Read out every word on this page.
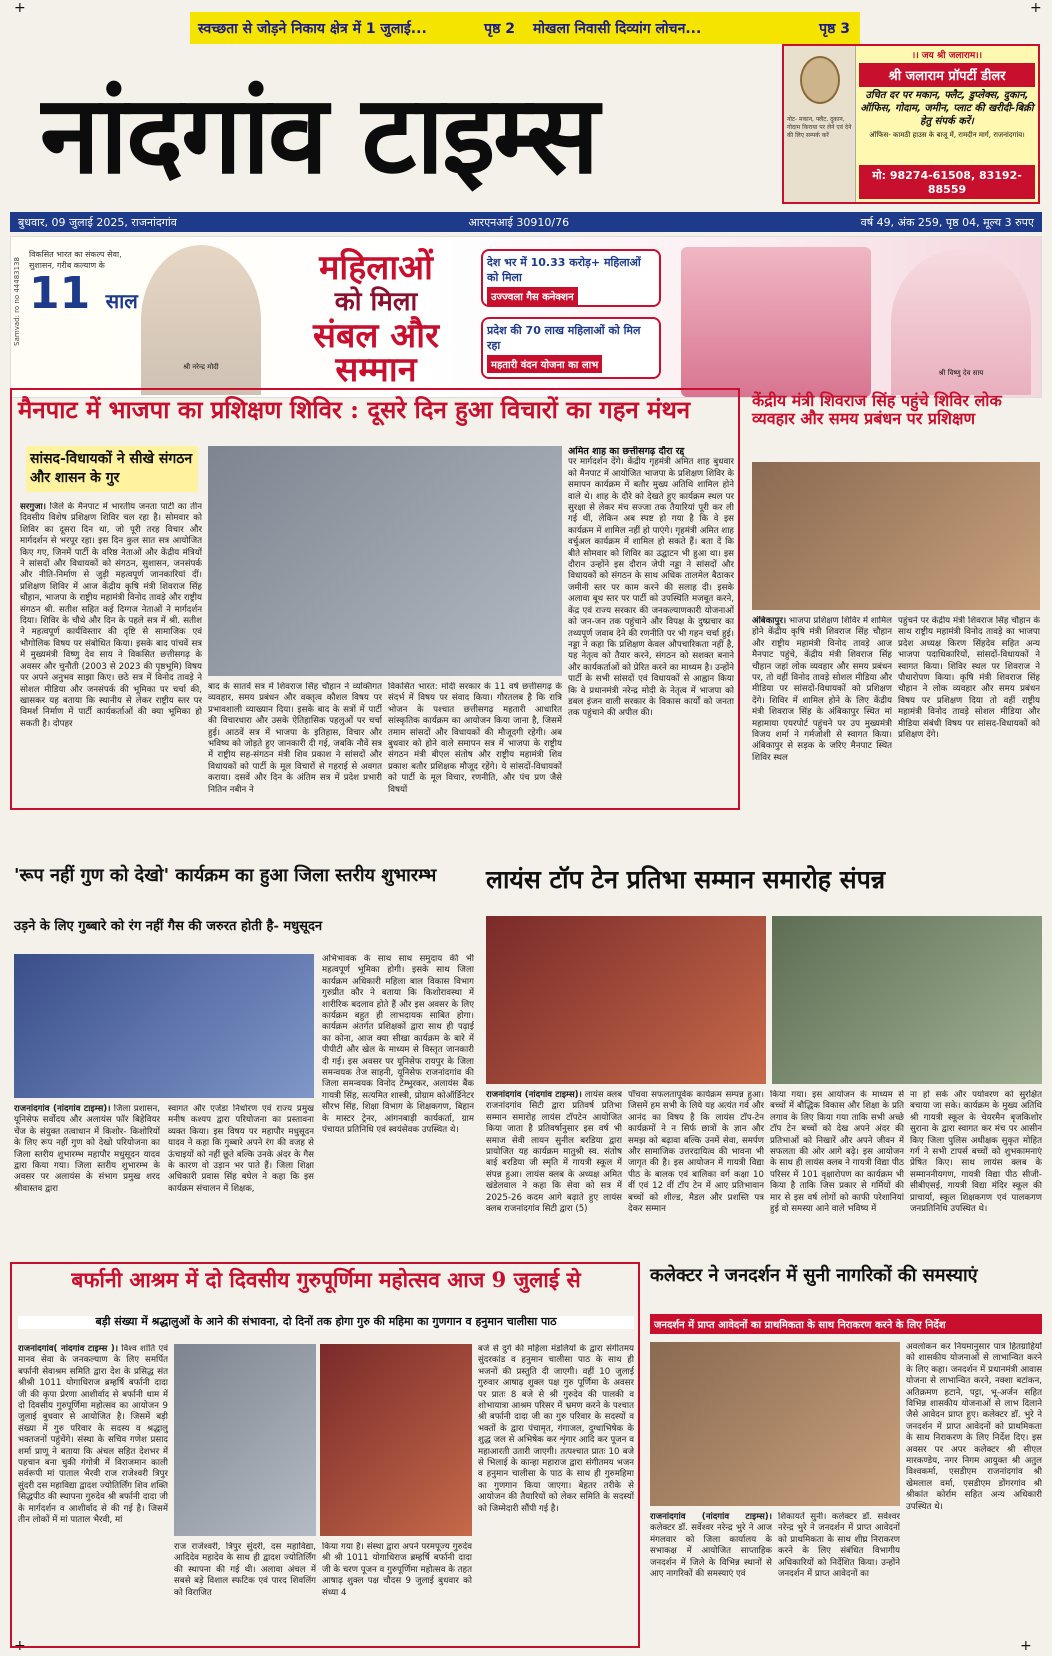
+	+
+	+
स्वच्छता से जोड़ने निकाय क्षेत्र में 1 जुलाई...	पृष्ठ 2 मोखला निवासी दिव्यांग लोचन...	पृष्ठ 3
नांदगांव टाइम्स	नोट- मकान, फ्लैट, दुकान, गोदाम किराया पर लेने एवं देने की लिए सम्पर्क करें
।। जय श्री जलाराम।।
श्री जलाराम प्रॉपर्टी डीलर
उचित दर पर मकान, फ्लैट, डुप्लेक्स, दुकान, ऑफिस, गोदाम, जमीन, प्लाट की खरीदी-बिक्री हेतु संपर्क करें।
ऑफिस- कामठी हाउस के बाजू में, रामदीन मार्ग, राजनांदगांव।
मो: 98274-61508, 83192-88559
बुधवार, 09 जुलाई 2025, राजनांदगांव	आरएनआई 30910/76	वर्ष 49, अंक 259, पृष्ठ 04, मूल्य 3 रुपए
Samvad: ro no 44483138
विकसित भारत का संकल्प सेवा, सुशासन, गरीब कल्याण के
11 साल
श्री नरेन्द्र मोदी
महिलाओं
को मिला
संबल और सम्मान
देश भर में 10.33 करोड़+ महिलाओं को मिला
उज्ज्वला गैस कनेक्शन
प्रदेश की 70 लाख महिलाओं को मिल रहा
महतारी वंदन योजना का लाभ
श्री विष्णु देव साय
मैनपाट में भाजपा का प्रशिक्षण शिविर : दूसरे दिन हुआ विचारों का गहन मंथन
सांसद-विधायकों ने सीखे संगठन और शासन के गुर
सरगुजा। जिले के मैनपाट में भारतीय जनता पार्टी का तीन दिवसीय विशेष प्रशिक्षण शिविर चल रहा है। सोमवार को शिविर का दूसरा दिन था, जो पूरी तरह विचार और मार्गदर्शन से भरपूर रहा। इस दिन कुल सात सत्र आयोजित किए गए, जिनमें पार्टी के वरिष्ठ नेताओं और केंद्रीय मंत्रियों ने सांसदों और विधायकों को संगठन, सुशासन, जनसंपर्क और नीति-निर्माण से जुड़ी महत्वपूर्ण जानकारियां दीं। प्रशिक्षण शिविर में आज केंद्रीय कृषि मंत्री शिवराज सिंह चौहान, भाजपा के राष्ट्रीय महामंत्री विनोद तावड़े और राष्ट्रीय संगठन श्री. सतीश सहित कई दिग्गज नेताओं ने मार्गदर्शन दिया। शिविर के चौथे और दिन के पहले सत्र में श्री. सतीश ने महत्वपूर्ण कार्यविस्तार की दृष्टि से सामाजिक एवं भौगोलिक विषय पर संबोधित किया। इसके बाद पांचवें सत्र में मुख्यमंत्री विष्णु देव साय ने विकसित छत्तीसगढ़ के अवसर और चुनौती (2003 से 2023 की पृष्ठभूमि) विषय पर अपने अनुभव साझा किए। छठे सत्र में विनोद तावड़े ने सोशल मीडिया और जनसंपर्क की भूमिका पर चर्चा की, खासकर यह बताया कि स्थानीय से लेकर राष्ट्रीय स्तर पर विमर्श निर्माण में पार्टी कार्यकर्ताओं की क्या भूमिका हो सकती है। दोपहर
बाद के सातवें सत्र में शिवराज सिंह चौहान ने व्यक्तिगत व्यवहार, समय प्रबंधन और वक्तृत्व कौशल विषय पर प्रभावशाली व्याख्यान दिया। इसके बाद के सत्रों में पार्टी की विचारधारा और उसके ऐतिहासिक पहलुओं पर चर्चा हुई। आठवें सत्र में भाजपा के इतिहास, विचार और भविष्य को जोड़ते हुए जानकारी दी गई, जबकि नौवें सत्र में राष्ट्रीय सह-संगठन मंत्री शिव प्रकाश ने सांसदों और विधायकों को पार्टी के मूल विचारों से गहराई से अवगत कराया। दसवें और दिन के अंतिम सत्र में प्रदेश प्रभारी नितिन नबीन ने
विकसित भारत: मोदी सरकार के 11 वर्ष छत्तीसगढ़ के संदर्भ में विषय पर संवाद किया। गौरतलब है कि रात्रि भोजन के पश्चात छत्तीसगढ़ महतारी आधारित सांस्कृतिक कार्यक्रम का आयोजन किया जाना है, जिसमें तमाम सांसदों और विधायकों की मौजूदगी रहेगी। अब बुधवार को होने वाले समापन सत्र में भाजपा के राष्ट्रीय संगठन मंत्री बीएल संतोष और राष्ट्रीय महामंत्री शिव प्रकाश बतौर प्रशिक्षक मौजूद रहेंगे। ये सांसदों-विधायकों को पार्टी के मूल विचार, रणनीति, और पंच प्रण जैसे विषयों
अमित शाह का छत्तीसगढ़ दौरा रद्द
पर मार्गदर्शन देंगे। केंद्रीय गृहमंत्री अमित शाह बुधवार को मैनपाट में आयोजित भाजपा के प्रशिक्षण शिविर के समापन कार्यक्रम में बतौर मुख्य अतिथि शामिल होने वाले थे। शाह के दौरे को देखते हुए कार्यक्रम स्थल पर सुरक्षा से लेकर मंच सज्जा तक तैयारियां पूरी कर ली गई थीं, लेकिन अब स्पष्ट हो गया है कि वे इस कार्यक्रम में शामिल नहीं हो पाएंगे। गृहमंत्री अमित शाह वर्चुअल कार्यक्रम में शामिल हो सकते हैं। बता दें कि बीते सोमवार को शिविर का उद्घाटन भी हुआ था। इस दौरान उन्होंने इस दौरान जेपी नड्डा ने सांसदों और विधायकों को संगठन के साथ अधिक तालमेल बैठाकर जमीनी स्तर पर काम करने की सलाह दी। इसके अलावा बूथ स्तर पर पार्टी को उपस्थिति मजबूत करने, केंद्र एवं राज्य सरकार की जनकल्याणकारी योजनाओं को जन-जन तक पहुंचाने और विपक्ष के दुष्प्रचार का तथ्यपूर्ण जवाब देने की रणनीति पर भी गहन चर्चा हुई। नड्डा ने कहा कि प्रशिक्षण केवल औपचारिकता नहीं है, यह नेतृत्व को तैयार करने, संगठन को सशक्त बनाने और कार्यकर्ताओं को प्रेरित करने का माध्यम है। उन्होंने पार्टी के सभी सांसदों एवं विधायकों से आह्वान किया कि वे प्रधानमंत्री नरेन्द्र मोदी के नेतृत्व में भाजपा को डबल इंजन वाली सरकार के विकास कार्यों को जनता तक पहुंचाने की अपील की।
केंद्रीय मंत्री शिवराज सिंह पहुंचे शिविर लोक व्यवहार और समय प्रबंधन पर प्रशिक्षण
अंबिकापुर। भाजपा प्रशिक्षण शिविर में शामिल होने केंद्रीय कृषि मंत्री शिवराज सिंह चौहान और राष्ट्रीय महामंत्री विनोद तावड़े आज मैनपाट पहुंचे, केंद्रीय मंत्री शिवराज सिंह चौहान जहां लोक व्यवहार और समय प्रबंधन पर, तो वहीं विनोद तावड़े सोशल मीडिया और मीडिया पर सांसदों-विधायकों को प्रशिक्षण देंगे। शिविर में शामिल होने के लिए केंद्रीय मंत्री शिवराज सिंह के अंबिकापुर स्थित मां महामाया एयरपोर्ट पहुंचने पर उप मुख्यमंत्री विजय शर्मा ने गर्मजोशी से स्वागत किया। अंबिकापुर से सड़क के जरिए मैनपाट स्थित शिविर स्थल
पहुंचने पर केंद्रीय मंत्री शिवराज सिंह चौहान के साथ राष्ट्रीय महामंत्री विनोद तावड़े का भाजपा प्रदेश अध्यक्ष किरण सिंहदेव सहित अन्य भाजपा पदाधिकारियों, सांसदों-विधायकों ने स्वागत किया। शिविर स्थल पर शिवराज ने पौधारोपण किया। कृषि मंत्री शिवराज सिंह चौहान ने लोक व्यवहार और समय प्रबंधन विषय पर प्रशिक्षण दिया तो वहीं राष्ट्रीय महामंत्री विनोद तावड़े सोशल मीडिया और मीडिया संबंधी विषय पर सांसद-विधायकों को प्रशिक्षण देंगे।
'रूप नहीं गुण को देखो' कार्यक्रम का हुआ जिला स्तरीय शुभारम्भ
उड़ने के लिए गुब्बारे को रंग नहीं गैस की जरुरत होती है- मधुसूदन
राजनांदगांव (नांदगांव टाइम्स)। जिला प्रशासन, यूनिसेफ सर्वोदय और अलायंस फॉर बिहेवियर चेंज के संयुक्त तत्वाधान में किशोर- किशोरियों के लिए रूप नहीं गुण को देखो परियोजना का जिला स्तरीय शुभारम्भ महापौर मधुसूदन यादव द्वारा किया गया। जिला स्तरीय शुभारम्भ के अवसर पर अलायंस के संभाग प्रमुख शरद श्रीवास्तव द्वारा
स्वागत और एजेंडा निर्धारण एवं राज्य प्रमुख मनीष कश्यप द्वारा परियोजना का प्रस्तावना व्यक्त किया। इस विषय पर महापौर मधुसूदन यादव ने कहा कि गुब्बारे अपने रंग की वजह से ऊंचाइयों को नहीं छूते बल्कि उनके अंदर के गैस के कारण वो उड़ान भर पाते हैं। जिला शिक्षा अधिकारी प्रवास सिंह बघेल ने कहा कि इस कार्यक्रम संचालन में शिक्षक,
अभिभावक के साथ साथ समुदाय की भी महत्वपूर्ण भूमिका होगी। इसके साथ जिला कार्यक्रम अधिकारी महिला बाल विकास विभाग गुरुप्रीत कौर ने बताया कि किशोरावस्था में शारीरिक बदलाव होते हैं और इस अवसर के लिए कार्यक्रम बहुत ही लाभदायक साबित होगा। कार्यक्रम अंतर्गत प्रशिक्षकों द्वारा साथ ही पढ़ाई का कोना, आज क्या सीखा कार्यक्रम के बारे में पीपीटी और खेल के माध्यम से विस्तृत जानकारी दी गई। इस अवसर पर यूनिसेफ रायपुर के जिला समन्वयक तेज साहनी, यूनिसेफ राजनांदगांव की जिला समन्वयक विनोद टेम्भुरकर, अलायंस बैंक गायत्री सिंह, सत्यमित शास्त्री, प्रोग्राम कोऑर्डिनेटर सौरभ सिंह, शिक्षा विभाग के शिक्षकगण, बिहान के मास्टर ट्रेनर, आंगनबाड़ी कार्यकर्ता, ग्राम पंचायत प्रतिनिधि एवं स्वयंसेवक उपस्थित थे।
लायंस टॉप टेन प्रतिभा सम्मान समारोह संपन्न
राजनांदगांव (नांदगांव टाइम्स)। लायंस क्लब राजनांदगांव सिटी द्वारा प्रतिवर्ष प्रतिभा सम्मान समारोह लायंस टॉपटेन आयोजित किया जाता है प्रतिवर्षानुसार इस वर्ष भी समाज सेवी लायन सुनील बरडिया द्वारा प्रायोजित यह कार्यक्रम मातुश्री स्व. संतोष बाई बरडिया जी स्मृति में गायत्री स्कूल में संपन्न हुआ। लायंस क्लब के अध्यक्ष अमित खंडेलवाल ने कहा कि सेवा को सत्र में 2025-26 कदम आगे बढ़ाते हुए लायंस क्लब राजनांदगांव सिटी द्वारा (5)
पाँचवा सफलतापूर्वक कार्यक्रम सम्पन्न हुआ। जिसमें हम सभी के लिये यह अत्यंत गर्व और आनंद का विषय है कि लायंस टॉप-टेन कार्यक्रमों ने न सिर्फ छात्रों के ज्ञान और समझ को बढ़ावा बल्कि उनमें सेवा, समर्पण और सामाजिक उत्तरदायित्व की भावना भी जागृत की है। इस आयोजन में गायत्री विद्या पीठ के बालक एवं बालिका वर्ग कक्षा 10 वीं एवं 12 वीं टॉप टेन में आए प्रतिभावान बच्चों को शील्ड, मैडल और प्रशस्ति पत्र देकर सम्मान
किया गया। इस आयोजन के माध्यम से बच्चों में बौद्धिक विकास और शिक्षा के प्रति लगाव के लिए किया गया ताकि सभी अच्छे टॉप टेन बच्चों को देख अपने अंदर की प्रतिभाओं को निखारें और अपने जीवन में सफलता की ओर आगे बढ़े। इस आयोजन के साथ ही लायंस क्लब ने गायत्री विद्या पीठ परिसर में 101 वृक्षारोपण का कार्यक्रम भी किया है ताकि जिस प्रकार से गर्मियों की मार से इस वर्ष लोगों को काफी परेशानियां हुई वो समस्या आने वाले भविष्य में
ना हो सके और पर्यावरण को सुरक्षित बचाया जा सके। कार्यक्रम के मुख्य अतिथि श्री गायत्री स्कूल के चेयरमैन बृजकिशोर सुराना के द्वारा स्वागत कर मंच पर आसीन किए जिला पुलिस अधीक्षक सुकृत मोहित गर्ग ने सभी टापर्स बच्चों को शुभकामनाएं प्रेषित किए। साथ लायंस क्लब के सम्माननीयगण, गायत्री विद्या पीठ सीजी-सीबीएसई, गायत्री विद्या मंदिर स्कूल की प्राचार्या, स्कूल शिक्षकगण एवं पालकगण जनप्रतिनिधि उपस्थित थे।
बर्फानी आश्रम में दो दिवसीय गुरुपूर्णिमा महोत्सव आज 9 जुलाई से
बड़ी संख्या में श्रद्धालुओं के आने की संभावना, दो दिनों तक होगा गुरु की महिमा का गुणगान व हनुमान चालीसा पाठ
राजनांदगांव( नांदगांव टाइम्स )। विश्व शांति एवं मानव सेवा के जनकल्याण के लिए समर्पित बर्फानी सेवाश्रम समिति द्वारा देश के प्रसिद्ध संत श्रीश्री 1011 योगाधिराज ब्रम्हर्षि बर्फानी दादा जी की कृपा प्रेरणा आशीर्वाद से बर्फानी धाम में दो दिवसीय गुरुपूर्णिमा महोत्सव का आयोजन 9 जुलाई बुधवार से आयोजित है। जिसमें बड़ी संख्या में गुरु परिवार के सदस्य व श्रद्धालु भक्तजनों पहुंचेंगे। संस्था के सचिव गणेश प्रसाद शर्मा प्राणू ने बताया कि अंचल सहित देशभर में पहचान बना चुकी गंगोत्री में विराजमान काली सर्वरूपी मां पाताल भैरवी राज राजेश्वरी त्रिपुर सुंदरी दस महाविद्या द्वादश ज्योतिर्लिंग शिव शक्ति सिद्धपीठ की स्थापना गुरुदेव श्री बर्फानी दादा जी के मार्गदर्शन व आशीर्वाद से की गई है। जिसमें तीन लोकों में मां पाताल भैरवी, मां
राज राजेश्वरी, त्रिपुर सुंदरी, दस महाविद्या, आदिदेव महादेव के साथ ही द्वादश ज्योतिर्लिंग की स्थापना की गई थी। अलावा अंचल में सबसे बड़े विशाल स्फटिक एवं पारद शिवलिंग को विराजित
किया गया है। संस्था द्वारा अपने परमपूज्य गुरुदेव श्री श्री 1011 योगाधिराज ब्रम्हर्षि बर्फानी दादा जी के चरण पूजन व गुरुपूर्णिमा महोत्सव के तहत आषाढ़ शुक्ल पक्ष चौदस 9 जुलाई बुधवार को संध्या 4
बजे से दुर्ग की महिला मंडलियों के द्वारा संगीतमय सुंदरकांड व हनुमान चालीसा पाठ के साथ ही भजनों की प्रस्तुति दी जाएगी। वहीं 10 जुलाई गुरुवार आषाढ़ शुक्ल पक्ष गुरु पूर्णिमा के अवसर पर प्रातः 8 बजे से श्री गुरुदेव की पालकी व शोभायात्रा आश्रम परिसर में भ्रमण करने के पश्चात श्री बर्फानी दादा जी का गुरु परिवार के सदस्यों व भक्तों के द्वारा पंचामृत, गंगाजल, दुग्धाभिषेक के शुद्ध जल से अभिषेक कर शृंगार आदि कर पूजन व महाआरती उतारी जाएगी। तत्पश्चात प्रातः 10 बजे से भिलाई के कान्हा महाराज द्वारा संगीतमय भजन व हनुमान चालीसा के पाठ के साथ ही गुरुमहिमा का गुणगान किया जाएगा। बेहतर तरीके से आयोजन की तैयारियों को लेकर समिति के सदस्यों को जिम्मेदारी सौंपी गई है।
कलेक्टर ने जनदर्शन में सुनी नागरिकों की समस्याएं
जनदर्शन में प्राप्त आवेदनों का प्राथमिकता के साथ निराकरण करने के लिए निर्देश
राजनांदगांव (नांदगांव टाइम्स)। कलेक्टर डॉ. सर्वेश्वर नरेन्द्र भुरे ने आज मंगलवार को जिला कार्यालय के सभाकक्ष में आयोजित साप्ताहिक जनदर्शन में जिले के विभिन्न स्थानों से आए नागरिकों की समस्याएं एवं
शिकायतें सुनी। कलेक्टर डॉ. सर्वेश्वर नरेन्द्र भुरे ने जनदर्शन में प्राप्त आवेदनों को प्राथमिकता के साथ शीघ्र निराकरण करने के लिए संबंधित विभागीय अधिकारियों को निर्देशित किया। उन्होंने जनदर्शन में प्राप्त आवेदनों का
अवलोकन कर नियमानुसार पात्र हितग्राहियों को शासकीय योजनाओं से लाभान्वित करने के लिए कहा। जनदर्शन में प्रधानमंत्री आवास योजना से लाभान्वित करने, नक्शा बटांकन, अतिक्रमण हटाने, पट्टा, भू-अर्जन सहित विभिन्न शासकीय योजनाओं से लाभ दिलाने जैसे आवेदन प्राप्त हुए। कलेक्टर डॉ. भुरे ने जनदर्शन में प्राप्त आवेदनों को प्राथमिकता के साथ निराकरण के लिए निर्देश दिए। इस अवसर पर अपर कलेक्टर श्री सीएल मारकण्डेय, नगर निगम आयुक्त श्री अतुल विश्वकर्मा, एसडीएम राजनांदगांव श्री खेमलाल वर्मा, एसडीएम डोंगरगांव श्री श्रीकांत कोर्राम सहित अन्य अधिकारी उपस्थित थे।
